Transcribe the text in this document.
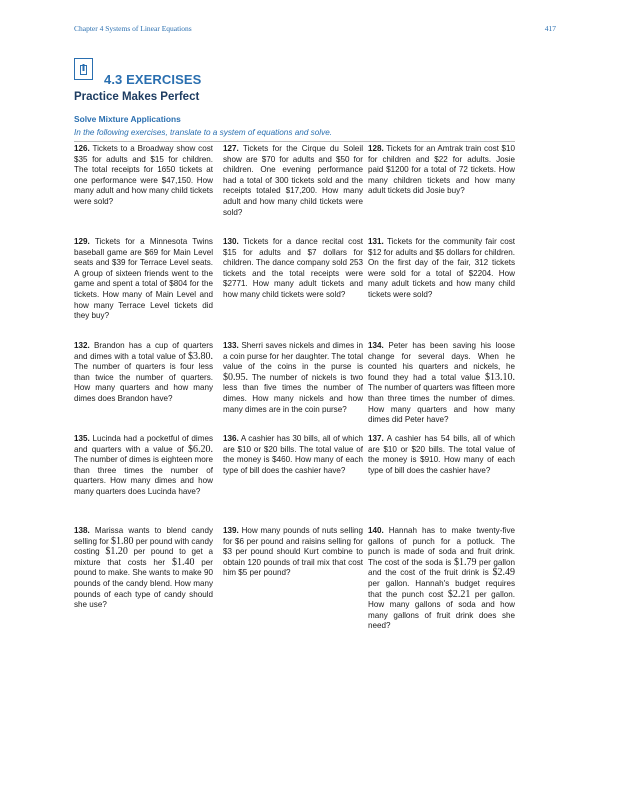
Chapter 4 Systems of Linear Equations	417
4.3 EXERCISES
Practice Makes Perfect
Solve Mixture Applications
In the following exercises, translate to a system of equations and solve.
126. Tickets to a Broadway show cost $35 for adults and $15 for children. The total receipts for 1650 tickets at one performance were $47,150. How many adult and how many child tickets were sold?
127. Tickets for the Cirque du Soleil show are $70 for adults and $50 for children. One evening performance had a total of 300 tickets sold and the receipts totaled $17,200. How many adult and how many child tickets were sold?
128. Tickets for an Amtrak train cost $10 for children and $22 for adults. Josie paid $1200 for a total of 72 tickets. How many children tickets and how many adult tickets did Josie buy?
129. Tickets for a Minnesota Twins baseball game are $69 for Main Level seats and $39 for Terrace Level seats. A group of sixteen friends went to the game and spent a total of $804 for the tickets. How many of Main Level and how many Terrace Level tickets did they buy?
130. Tickets for a dance recital cost $15 for adults and $7 dollars for children. The dance company sold 253 tickets and the total receipts were $2771. How many adult tickets and how many child tickets were sold?
131. Tickets for the community fair cost $12 for adults and $5 dollars for children. On the first day of the fair, 312 tickets were sold for a total of $2204. How many adult tickets and how many child tickets were sold?
132. Brandon has a cup of quarters and dimes with a total value of $3.80. The number of quarters is four less than twice the number of quarters. How many quarters and how many dimes does Brandon have?
133. Sherri saves nickels and dimes in a coin purse for her daughter. The total value of the coins in the purse is $0.95. The number of nickels is two less than five times the number of dimes. How many nickels and how many dimes are in the coin purse?
134. Peter has been saving his loose change for several days. When he counted his quarters and nickels, he found they had a total value $13.10. The number of quarters was fifteen more than three times the number of dimes. How many quarters and how many dimes did Peter have?
135. Lucinda had a pocketful of dimes and quarters with a value of $6.20. The number of dimes is eighteen more than three times the number of quarters. How many dimes and how many quarters does Lucinda have?
136. A cashier has 30 bills, all of which are $10 or $20 bills. The total value of the money is $460. How many of each type of bill does the cashier have?
137. A cashier has 54 bills, all of which are $10 or $20 bills. The total value of the money is $910. How many of each type of bill does the cashier have?
138. Marissa wants to blend candy selling for $1.80 per pound with candy costing $1.20 per pound to get a mixture that costs her $1.40 per pound to make. She wants to make 90 pounds of the candy blend. How many pounds of each type of candy should she use?
139. How many pounds of nuts selling for $6 per pound and raisins selling for $3 per pound should Kurt combine to obtain 120 pounds of trail mix that cost him $5 per pound?
140. Hannah has to make twenty-five gallons of punch for a potluck. The punch is made of soda and fruit drink. The cost of the soda is $1.79 per gallon and the cost of the fruit drink is $2.49 per gallon. Hannah's budget requires that the punch cost $2.21 per gallon. How many gallons of soda and how many gallons of fruit drink does she need?
